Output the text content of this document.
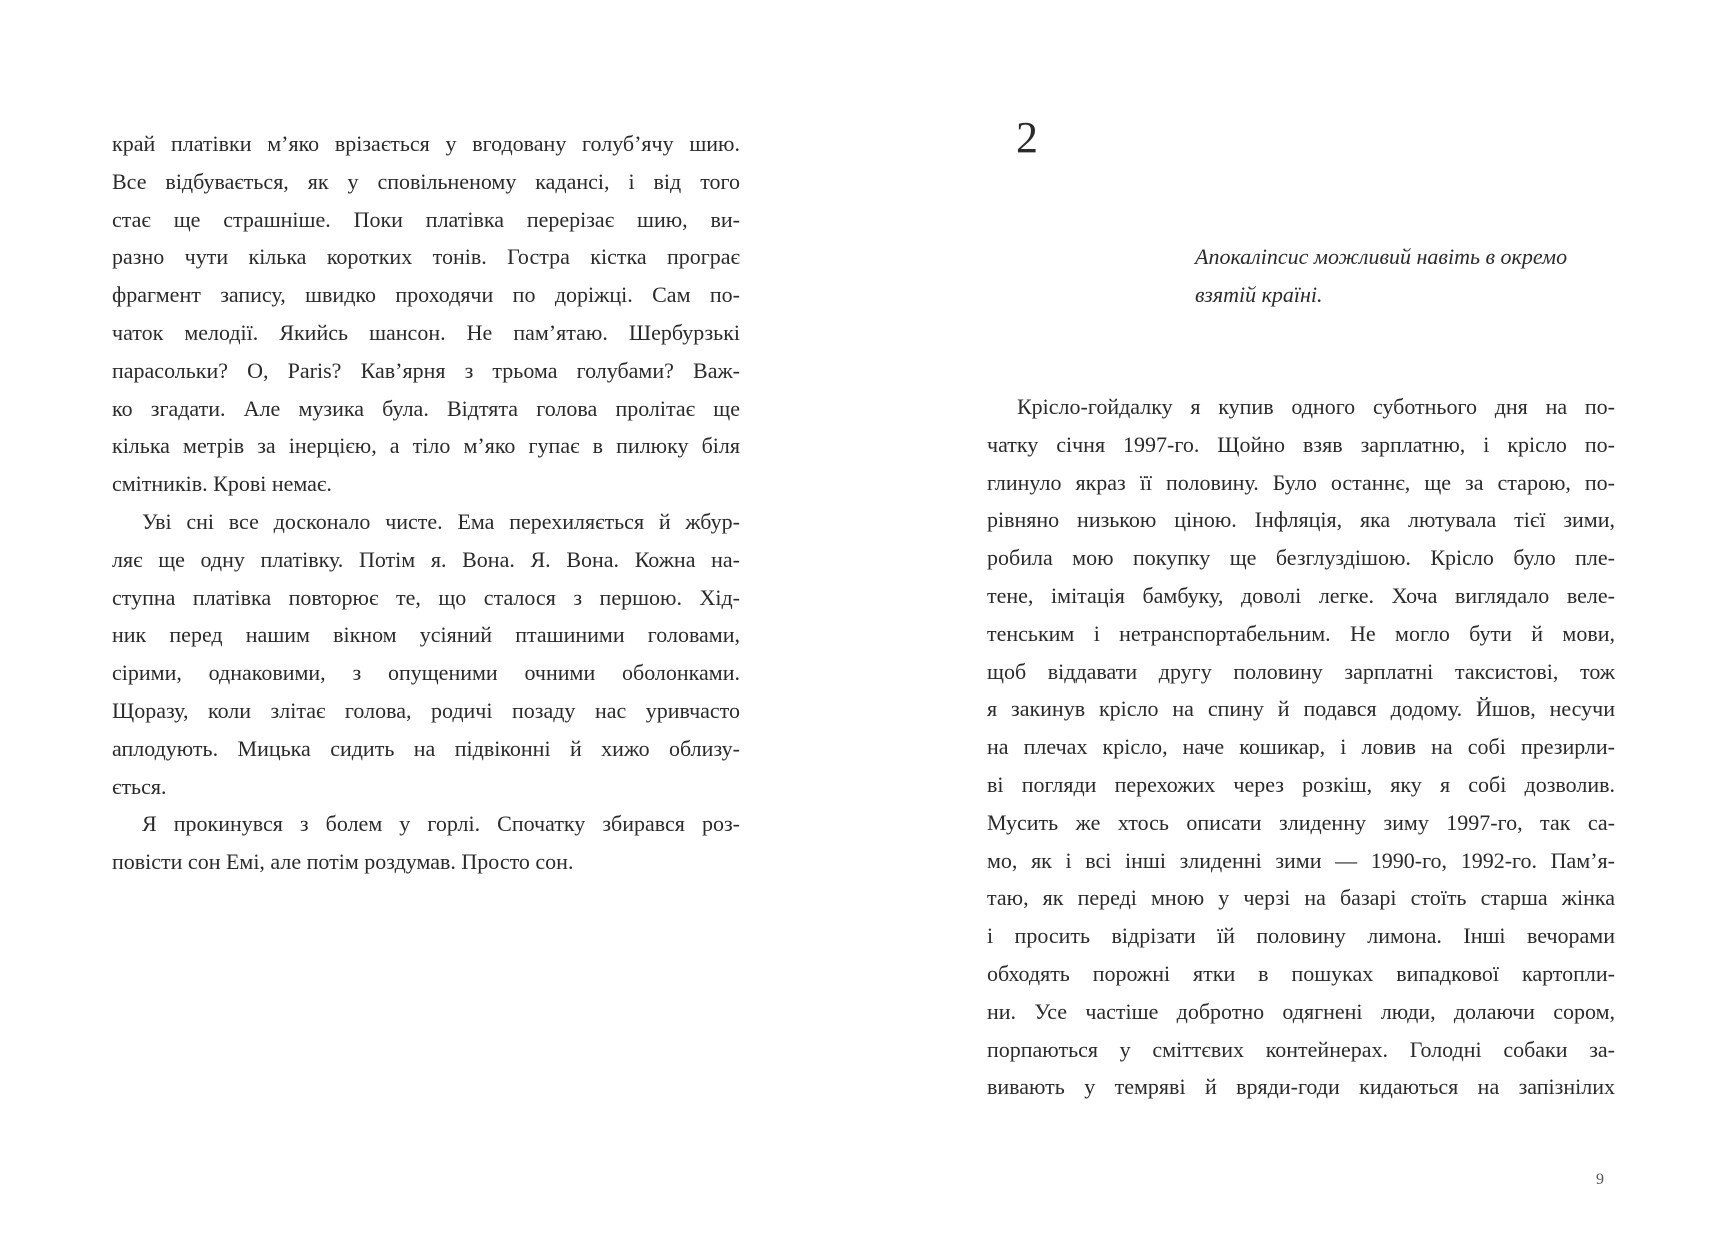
край платівки м’яко врізається у вгодовану голуб’ячу шию.
Все відбувається, як у сповільненому кадансі, і від того
стає ще страшніше. Поки платівка перерізає шию, ви-
разно чути кілька коротких тонів. Гостра кістка програє
фрагмент запису, швидко проходячи по доріжці. Сам по-
чаток мелодії. Якийсь шансон. Не пам’ятаю. Шербурзькі
парасольки? О, Paris? Кав’ярня з трьома голубами? Важ-
ко згадати. Але музика була. Відтята голова пролітає ще
кілька метрів за інерцією, а тіло м’яко гупає в пилюку біля
смітників. Крові немає.
Уві сні все досконало чисте. Ема перехиляється й жбур-
ляє ще одну платівку. Потім я. Вона. Я. Вона. Кожна на-
ступна платівка повторює те, що сталося з першою. Хід-
ник перед нашим вікном усіяний пташиними головами,
сірими, однаковими, з опущеними очними оболонками.
Щоразу, коли злітає голова, родичі позаду нас уривчасто
аплодують. Мицька сидить на підвіконні й хижо облизу-
ється.
Я прокинувся з болем у горлі. Спочатку збирався роз-
повісти сон Емі, але потім роздумав. Просто сон.
2
Апокаліпсис можливий навіть в окремо
взятій країні.
Крісло-гойдалку я купив одного суботнього дня на по-
чатку січня 1997-го. Щойно взяв зарплатню, і крісло по-
глинуло якраз її половину. Було останнє, ще за старою, по-
рівняно низькою ціною. Інфляція, яка лютувала тієї зими,
робила мою покупку ще безглуздішою. Крісло було пле-
тене, імітація бамбуку, доволі легке. Хоча виглядало веле-
тенським і нетранспортабельним. Не могло бути й мови,
щоб віддавати другу половину зарплатні таксистові, тож
я закинув крісло на спину й подався додому. Йшов, несучи
на плечах крісло, наче кошикар, і ловив на собі презирли-
ві погляди перехожих через розкіш, яку я собі дозволив.
Мусить же хтось описати злиденну зиму 1997-го, так са-
мо, як і всі інші злиденні зими — 1990-го, 1992-го. Пам’я-
таю, як переді мною у черзі на базарі стоїть старша жінка
і просить відрізати їй половину лимона. Інші вечорами
обходять порожні ятки в пошуках випадкової картопли-
ни. Усе частіше добротно одягнені люди, долаючи сором,
порпаються у сміттєвих контейнерах. Голодні собаки за-
вивають у темряві й вряди-годи кидаються на запізнілих
9
